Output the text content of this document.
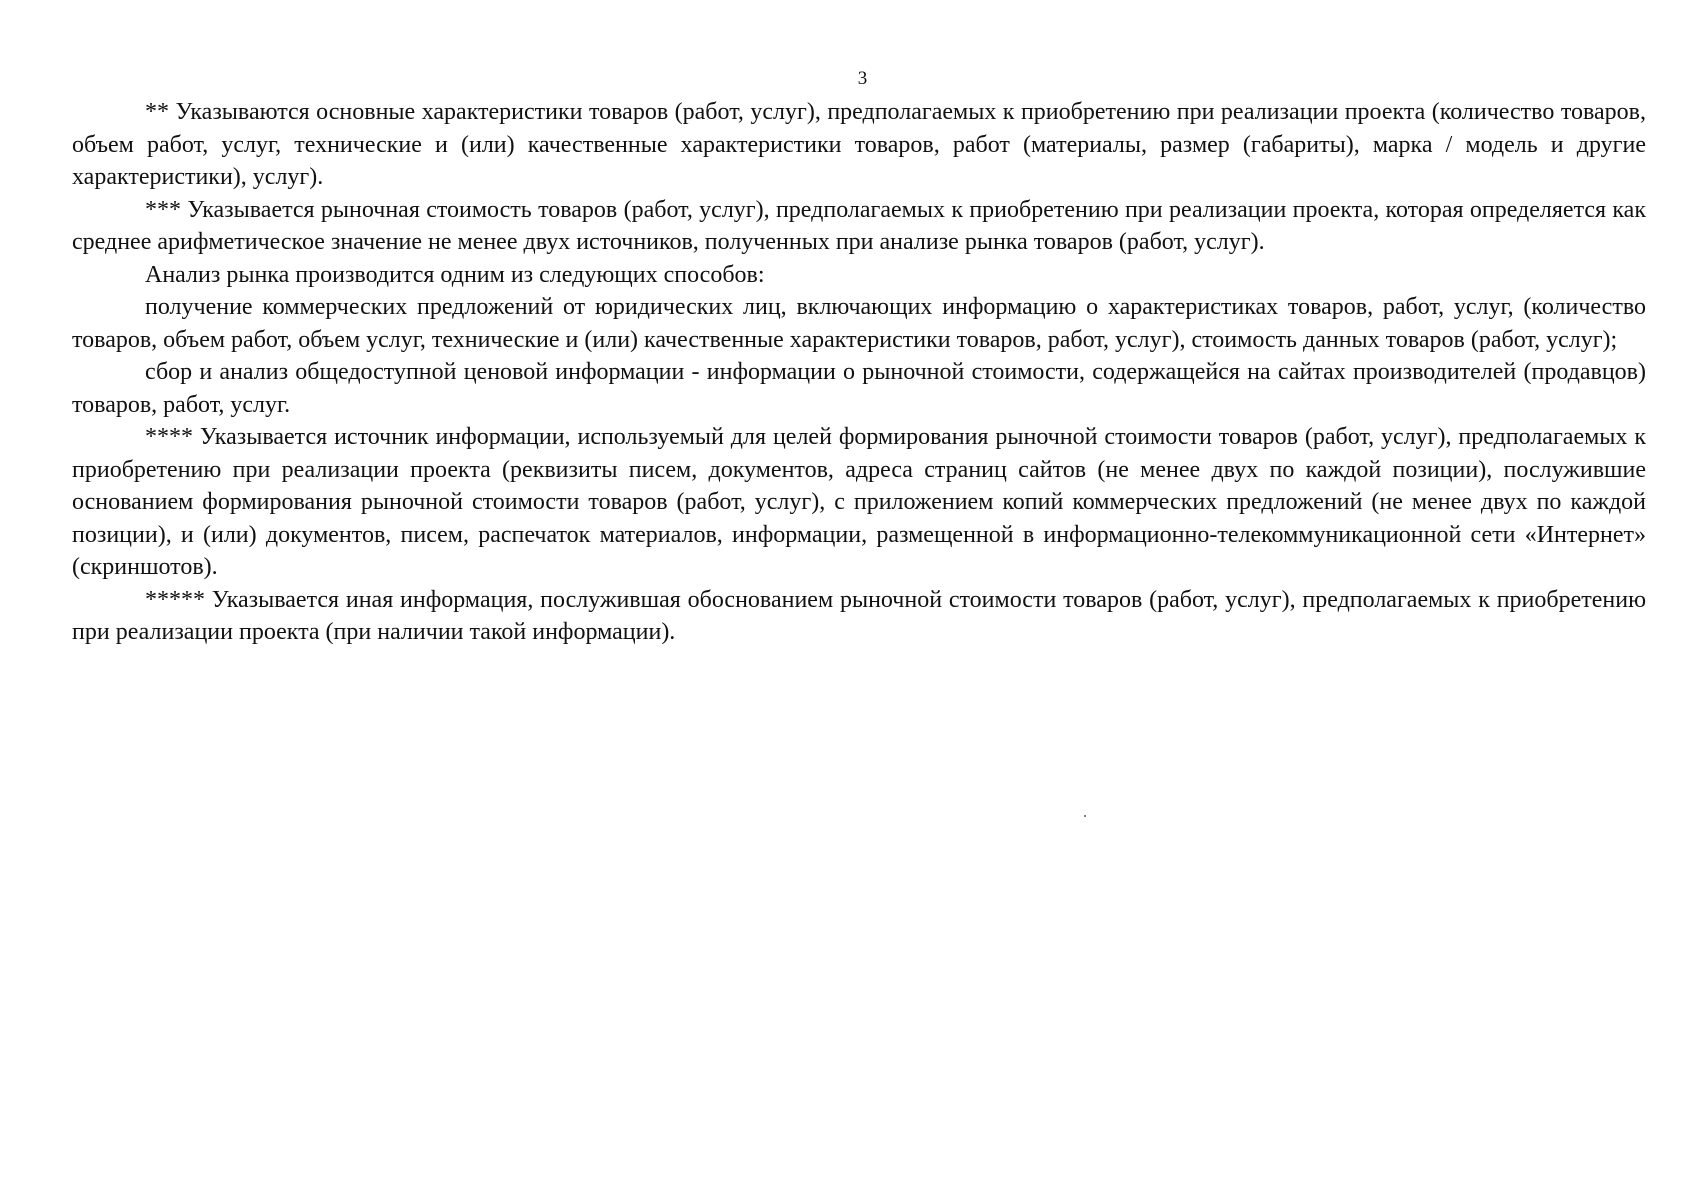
3

** Указываются основные характеристики товаров (работ, услуг), предполагаемых к приобретению при реализации проекта (количество товаров, объем работ, услуг, технические и (или) качественные характеристики товаров, работ (материалы, размер (габариты), марка / модель и другие характеристики), услуг).

*** Указывается рыночная стоимость товаров (работ, услуг), предполагаемых к приобретению при реализации проекта, которая определяется как среднее арифметическое значение не менее двух источников, полученных при анализе рынка товаров (работ, услуг).

Анализ рынка производится одним из следующих способов:

получение коммерческих предложений от юридических лиц, включающих информацию о характеристиках товаров, работ, услуг, (количество товаров, объем работ, объем услуг, технические и (или) качественные характеристики товаров, работ, услуг), стоимость данных товаров (работ, услуг);

сбор и анализ общедоступной ценовой информации - информации о рыночной стоимости, содержащейся на сайтах производителей (продавцов) товаров, работ, услуг.

**** Указывается источник информации, используемый для целей формирования рыночной стоимости товаров (работ, услуг), предполагаемых к приобретению при реализации проекта (реквизиты писем, документов, адреса страниц сайтов (не менее двух по каждой позиции), послужившие основанием формирования рыночной стоимости товаров (работ, услуг), с приложением копий коммерческих предложений (не менее двух по каждой позиции), и (или) документов, писем, распечаток материалов, информации, размещенной в информационно-телекоммуникационной сети «Интернет» (скриншотов).

***** Указывается иная информация, послужившая обоснованием рыночной стоимости товаров (работ, услуг), предполагаемых к приобретению при реализации проекта (при наличии такой информации).
